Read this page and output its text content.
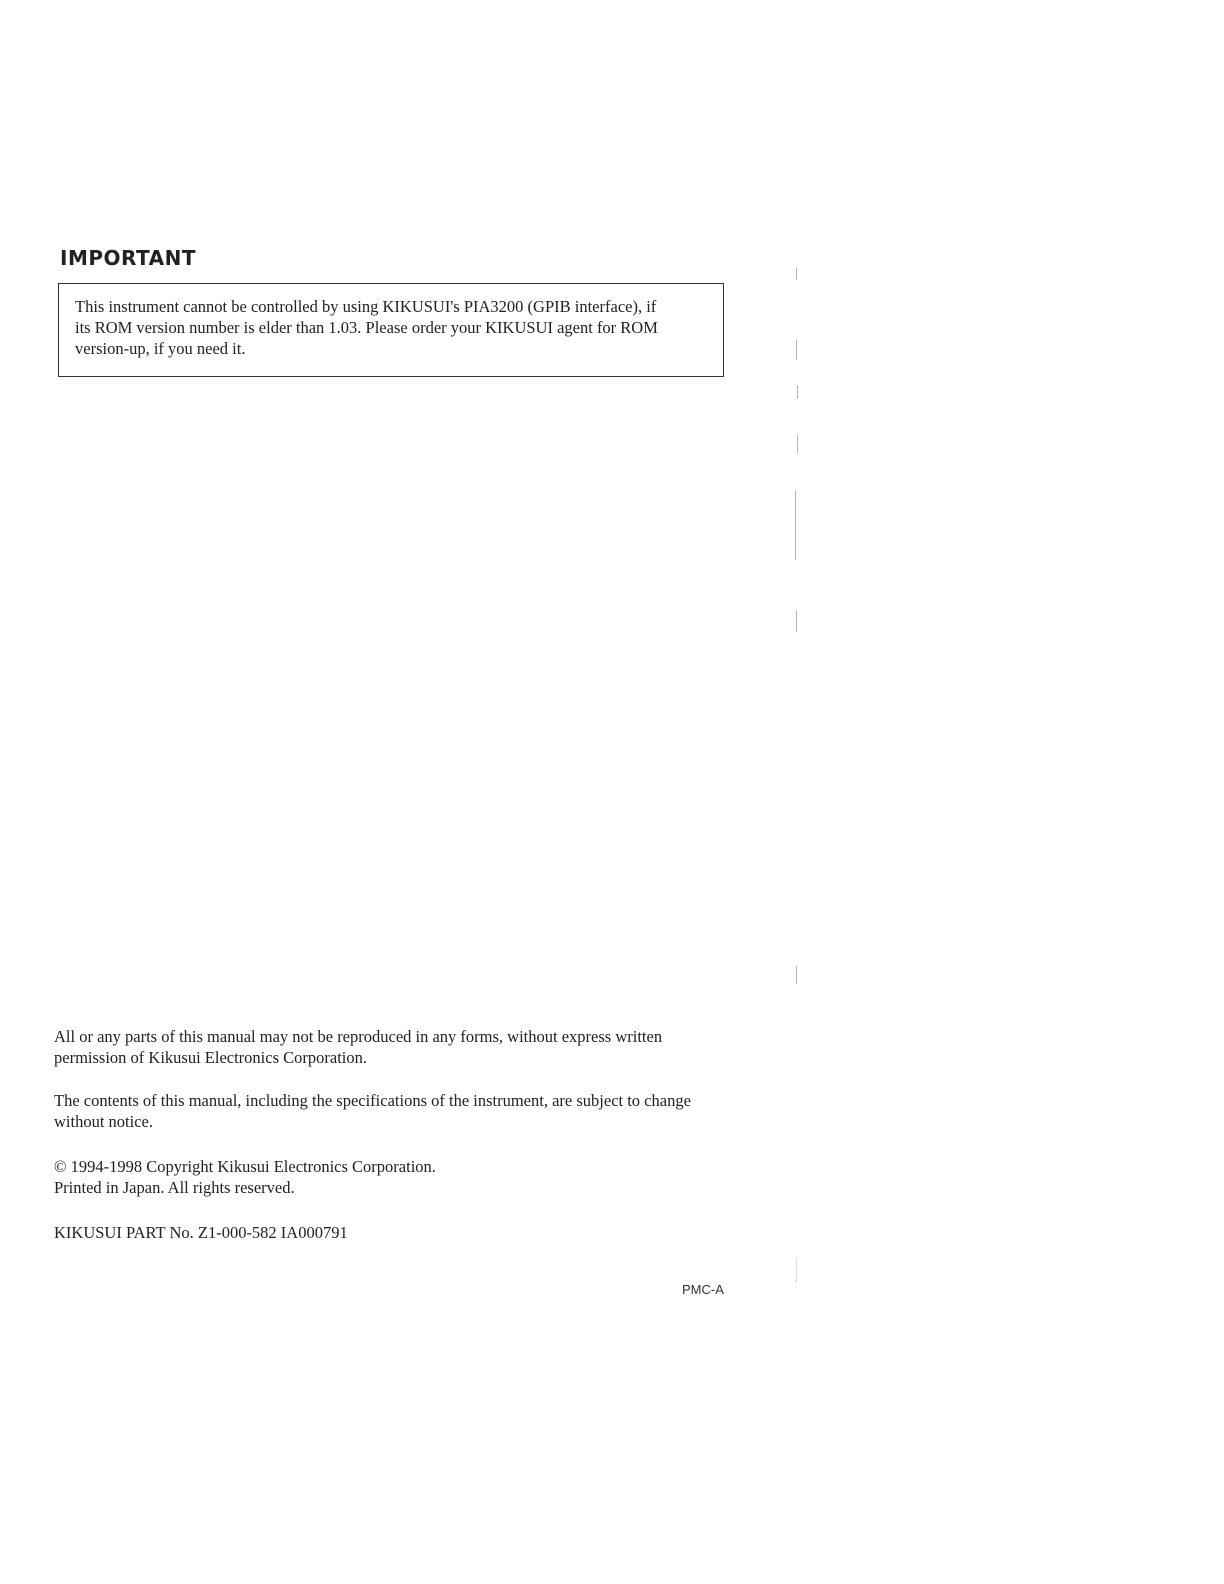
IMPORTANT

This instrument cannot be controlled by using KIKUSUI's PIA3200 (GPIB interface), if
its ROM version number is elder than 1.03. Please order your KIKUSUI agent for ROM
version-up, if you need it.

All or any parts of this manual may not be reproduced in any forms, without express written
permission of Kikusui Electronics Corporation.

The contents of this manual, including the specifications of the instrument, are subject to change
without notice.

© 1994-1998 Copyright Kikusui Electronics Corporation.
Printed in Japan. All rights reserved.

KIKUSUI PART No. Z1-000-582 IA000791

PMC-A
